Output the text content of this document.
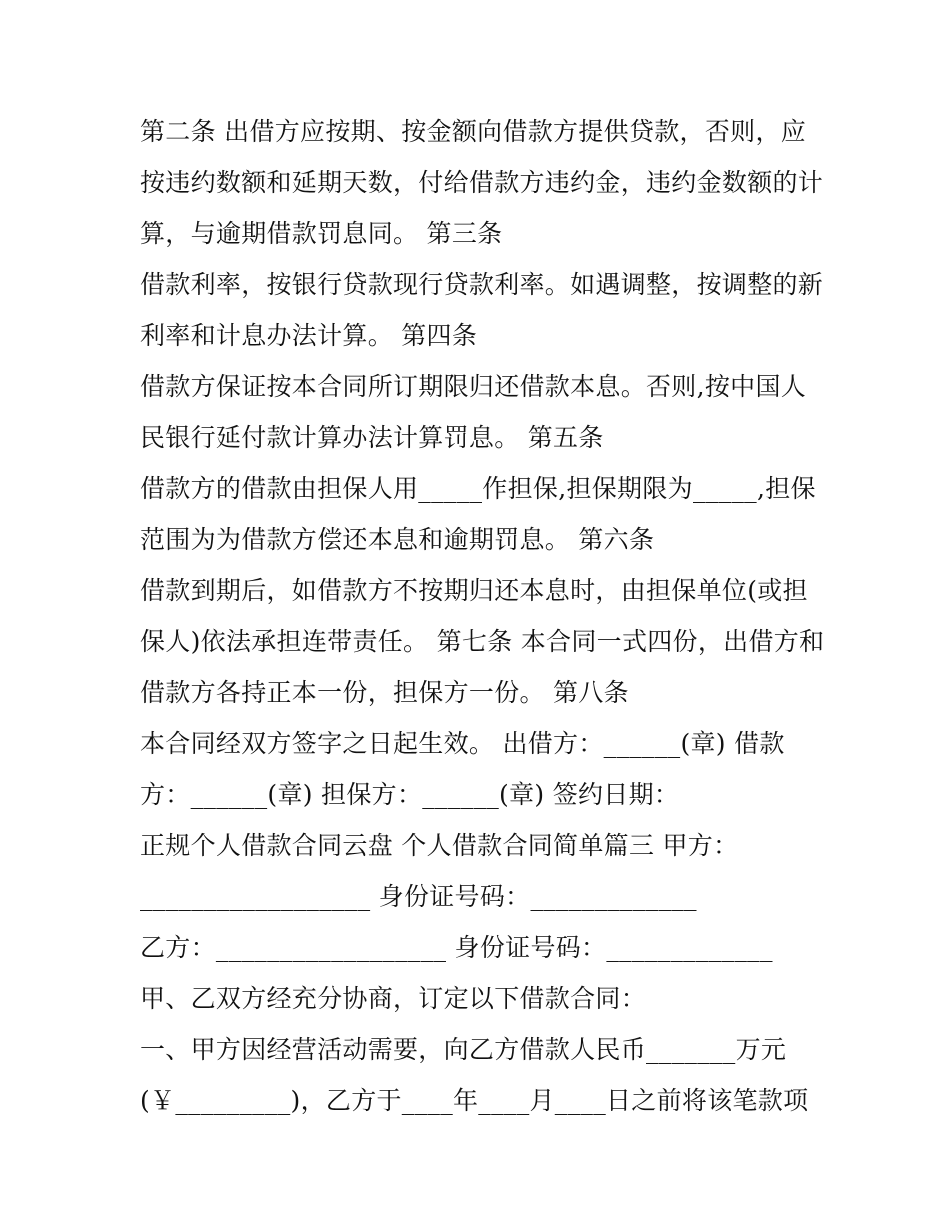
第二条 出借方应按期、按金额向借款方提供贷款，否则，应
按违约数额和延期天数，付给借款方违约金，违约金数额的计
算，与逾期借款罚息同。 第三条
借款利率，按银行贷款现行贷款利率。如遇调整，按调整的新
利率和计息办法计算。 第四条
借款方保证按本合同所订期限归还借款本息。否则,按中国人
民银行延付款计算办法计算罚息。 第五条
借款方的借款由担保人用_____作担保,担保期限为_____,担保
范围为为借款方偿还本息和逾期罚息。 第六条
借款到期后，如借款方不按期归还本息时，由担保单位(或担
保人)依法承担连带责任。 第七条 本合同一式四份，出借方和
借款方各持正本一份，担保方一份。 第八条
本合同经双方签字之日起生效。 出借方：______(章) 借款
方：______(章) 担保方：______(章) 签约日期：
正规个人借款合同云盘 个人借款合同简单篇三 甲方：
__________________ 身份证号码：_____________
乙方：__________________ 身份证号码：_____________
甲、乙双方经充分协商，订定以下借款合同：
一、甲方因经营活动需要，向乙方借款人民币_______万元
(￥_________)，乙方于____年____月____日之前将该笔款项
